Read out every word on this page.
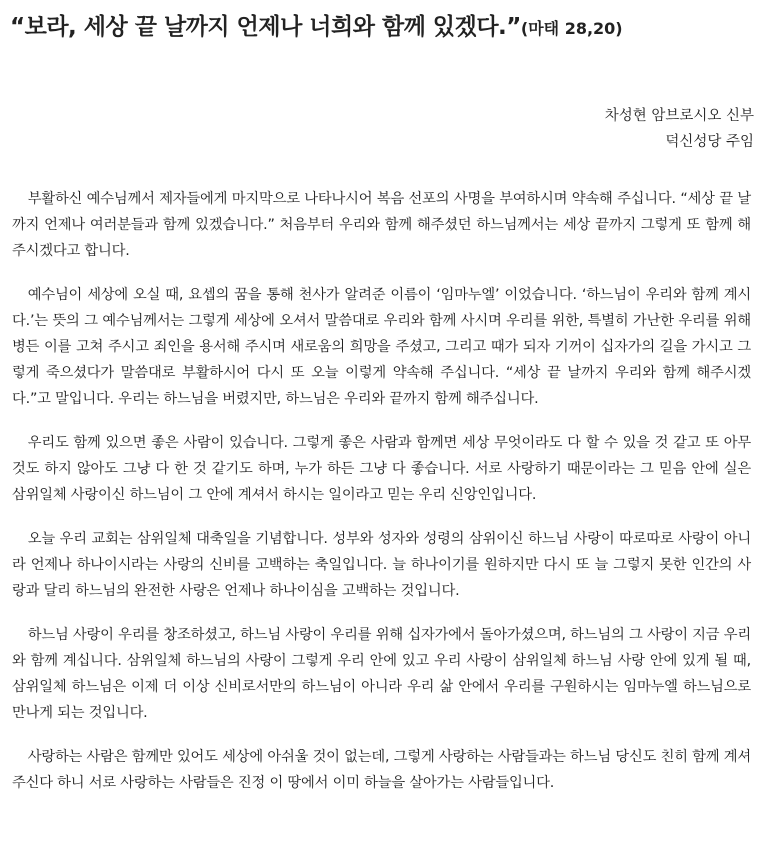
“보라, 세상 끝 날까지 언제나 너희와 함께 있겠다.”(마태 28,20)
차성현 암브로시오 신부
덕신성당 주임

부활하신 예수님께서 제자들에게 마지막으로 나타나시어 복음 선포의 사명을 부여하시며 약속해 주십니다. “세상 끝 날까지 언제나 여러분들과 함께 있겠습니다.” 처음부터 우리와 함께 해주셨던 하느님께서는 세상 끝까지 그렇게 또 함께 해주시겠다고 합니다.

예수님이 세상에 오실 때, 요셉의 꿈을 통해 천사가 알려준 이름이 ‘임마누엘’ 이었습니다. ‘하느님이 우리와 함께 계시다.’는 뜻의 그 예수님께서는 그렇게 세상에 오셔서 말씀대로 우리와 함께 사시며 우리를 위한, 특별히 가난한 우리를 위해 병든 이를 고쳐 주시고 죄인을 용서해 주시며 새로움의 희망을 주셨고, 그리고 때가 되자 기꺼이 십자가의 길을 가시고 그렇게 죽으셨다가 말씀대로 부활하시어 다시 또 오늘 이렇게 약속해 주십니다. “세상 끝 날까지 우리와 함께 해주시겠다.”고 말입니다. 우리는 하느님을 버렸지만, 하느님은 우리와 끝까지 함께 해주십니다.

우리도 함께 있으면 좋은 사람이 있습니다. 그렇게 좋은 사람과 함께면 세상 무엇이라도 다 할 수 있을 것 같고 또 아무 것도 하지 않아도 그냥 다 한 것 같기도 하며, 누가 하든 그냥 다 좋습니다. 서로 사랑하기 때문이라는 그 믿음 안에 실은 삼위일체 사랑이신 하느님이 그 안에 계셔서 하시는 일이라고 믿는 우리 신앙인입니다.

오늘 우리 교회는 삼위일체 대축일을 기념합니다. 성부와 성자와 성령의 삼위이신 하느님 사랑이 따로따로 사랑이 아니라 언제나 하나이시라는 사랑의 신비를 고백하는 축일입니다. 늘 하나이기를 원하지만 다시 또 늘 그렇지 못한 인간의 사랑과 달리 하느님의 완전한 사랑은 언제나 하나이심을 고백하는 것입니다.

하느님 사랑이 우리를 창조하셨고, 하느님 사랑이 우리를 위해 십자가에서 돌아가셨으며, 하느님의 그 사랑이 지금 우리와 함께 계십니다. 삼위일체 하느님의 사랑이 그렇게 우리 안에 있고 우리 사랑이 삼위일체 하느님 사랑 안에 있게 될 때, 삼위일체 하느님은 이제 더 이상 신비로서만의 하느님이 아니라 우리 삶 안에서 우리를 구원하시는 임마누엘 하느님으로 만나게 되는 것입니다.

사랑하는 사람은 함께만 있어도 세상에 아쉬울 것이 없는데, 그렇게 사랑하는 사람들과는 하느님 당신도 친히 함께 계셔 주신다 하니 서로 사랑하는 사람들은 진정 이 땅에서 이미 하늘을 살아가는 사람들입니다.
